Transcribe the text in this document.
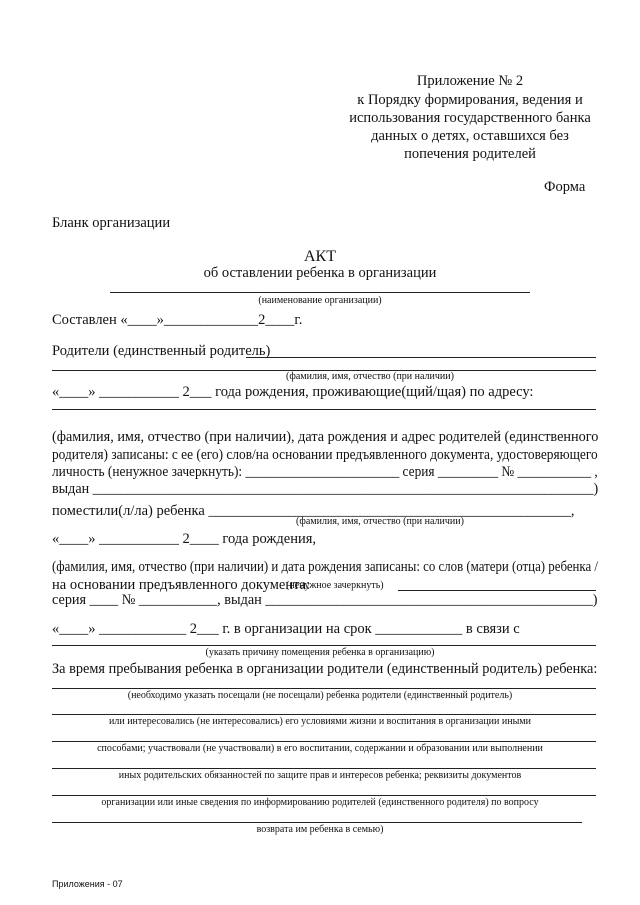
Приложение № 2
к Порядку формирования, ведения и
использования государственного банка
данных о детях, оставшихся без
попечения родителей
Форма
Бланк организации
АКТ
об оставлении ребенка в организации
(наименование организации)
Составлен «____»_____________2____г.
Родители (единственный родитель)
(фамилия, имя, отчество (при наличии)
«____» ___________ 2___ года рождения, проживающие(щий/щая) по адресу:
(фамилия, имя, отчество (при наличии), дата рождения и адрес родителей (единственного
родителя) записаны: с ее (его) слов/на основании предъявленного документа, удостоверяющего
личность (ненужное зачеркнуть): _______________________ серия _________ № ___________ ,
выдан _______________________________________________________________________)
поместили(л/ла) ребенка __________________________________________________,
(фамилия, имя, отчество (при наличии)
«____» ___________ 2____ года рождения,
(фамилия, имя, отчество (при наличии) и дата рождения записаны: со слов (матери (отца) ребенка /
на основании предъявленного документа:
(ненужное зачеркнуть)
серия ____ № ___________, выдан ______________________________________________)
«____» ____________ 2___ г. в организации на срок ____________ в связи с
(указать причину помещения ребенка в организацию)
За время пребывания ребенка в организации родители (единственный родитель) ребенка:
(необходимо указать посещали (не посещали) ребенка родители (единственный родитель)
или интересовались (не интересовались) его условиями жизни и воспитания в организации иными
способами; участвовали (не участвовали) в его воспитании, содержании и образовании или выполнении
иных родительских обязанностей по защите прав и интересов ребенка; реквизиты документов
организации или иные сведения по информированию родителей (единственного родителя) по вопросу
возврата им ребенка в семью)
Приложения - 07
